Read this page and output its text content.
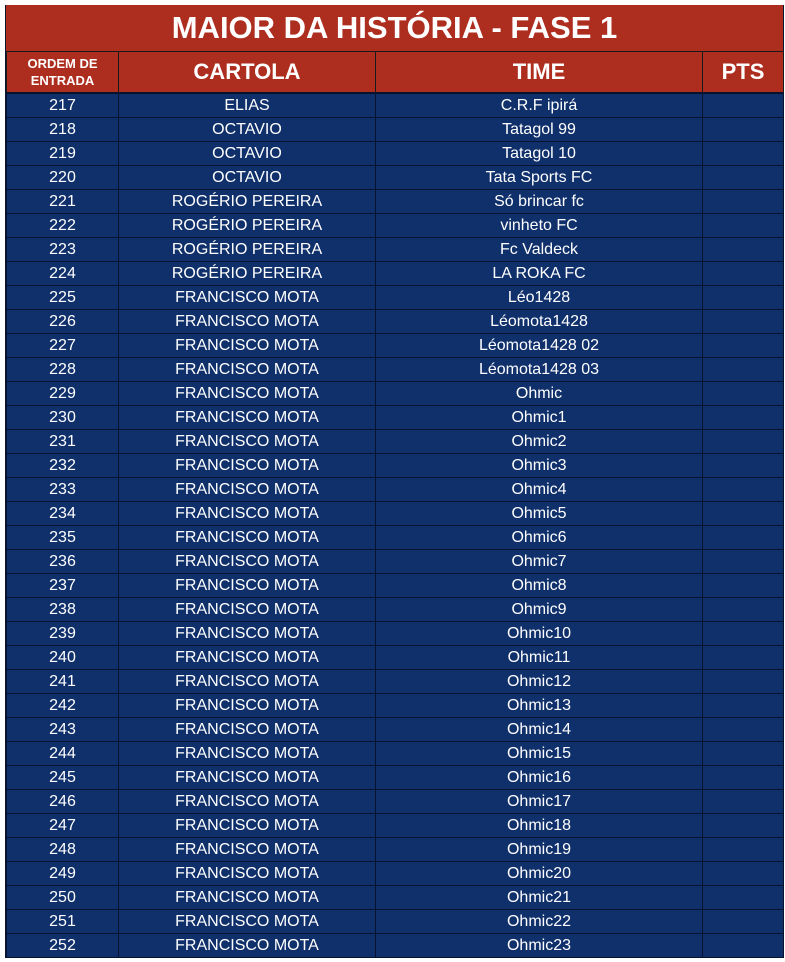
MAIOR DA HISTÓRIA - FASE 1
ORDEM DE
ENTRADA	CARTOLA	TIME	PTS
217	ELIAS	C.R.F ipirá	
218	OCTAVIO	Tatagol 99	
219	OCTAVIO	Tatagol 10	
220	OCTAVIO	Tata Sports FC	
221	ROGÉRIO PEREIRA	Só brincar fc	
222	ROGÉRIO PEREIRA	vinheto FC	
223	ROGÉRIO PEREIRA	Fc Valdeck	
224	ROGÉRIO PEREIRA	LA ROKA FC	
225	FRANCISCO MOTA	Léo1428	
226	FRANCISCO MOTA	Léomota1428	
227	FRANCISCO MOTA	Léomota1428 02	
228	FRANCISCO MOTA	Léomota1428 03	
229	FRANCISCO MOTA	Ohmic	
230	FRANCISCO MOTA	Ohmic1	
231	FRANCISCO MOTA	Ohmic2	
232	FRANCISCO MOTA	Ohmic3	
233	FRANCISCO MOTA	Ohmic4	
234	FRANCISCO MOTA	Ohmic5	
235	FRANCISCO MOTA	Ohmic6	
236	FRANCISCO MOTA	Ohmic7	
237	FRANCISCO MOTA	Ohmic8	
238	FRANCISCO MOTA	Ohmic9	
239	FRANCISCO MOTA	Ohmic10	
240	FRANCISCO MOTA	Ohmic11	
241	FRANCISCO MOTA	Ohmic12	
242	FRANCISCO MOTA	Ohmic13	
243	FRANCISCO MOTA	Ohmic14	
244	FRANCISCO MOTA	Ohmic15	
245	FRANCISCO MOTA	Ohmic16	
246	FRANCISCO MOTA	Ohmic17	
247	FRANCISCO MOTA	Ohmic18	
248	FRANCISCO MOTA	Ohmic19	
249	FRANCISCO MOTA	Ohmic20	
250	FRANCISCO MOTA	Ohmic21	
251	FRANCISCO MOTA	Ohmic22	
252	FRANCISCO MOTA	Ohmic23	
